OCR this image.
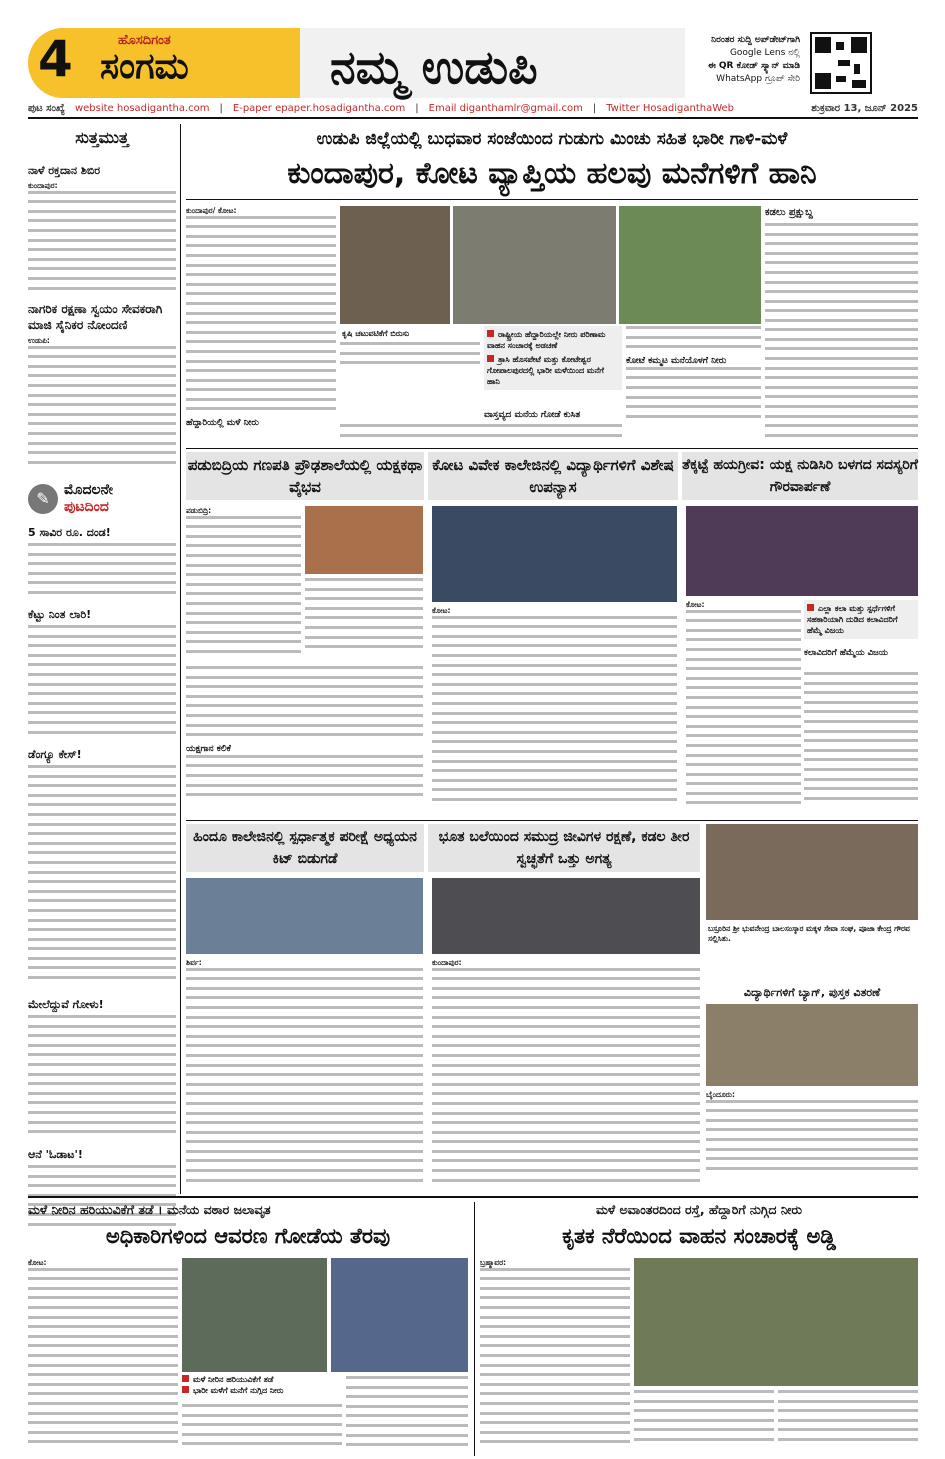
4	ಹೊಸದಿಗಂತ
ಸಂಗಮ	ನಮ್ಮ ಉಡುಪಿ	ನಿರಂತರ ಸುದ್ದಿ ಅಪ್‌ಡೇಟ್‌ಗಾಗಿ
Google Lens ನಲ್ಲಿ
ಈ QR ಕೋಡ್ ಸ್ಕ್ಯಾನ್ ಮಾಡಿ
WhatsApp ಗ್ರೂಪ್ ಸೇರಿ
ಪುಟ ಸಂಖ್ಯೆ website hosadigantha.com | E-paper epaper.hosadigantha.com | Email diganthamlr@gmail.com | Twitter HosadiganthaWeb	ಶುಕ್ರವಾರ 13, ಜೂನ್ 2025
ಸುತ್ತಮುತ್ತ
ನಾಳೆ ರಕ್ತದಾನ ಶಿಬಿರ
ಕುಂದಾಪುರ:
ನಾಗರಿಕ ರಕ್ಷಣಾ ಸ್ವಯಂ ಸೇವಕರಾಗಿ ಮಾಜಿ ಸೈನಿಕರ ನೋಂದಣಿ
ಉಡುಪಿ:
✎	ಮೊದಲನೇ
ಪುಟದಿಂದ
5 ಸಾವಿರ ರೂ. ದಂಡ!
ಕೆಟ್ಟು ನಿಂತ ಲಾರಿ!
ಡೆಂಗ್ಯೂ ಕೇಸ್!
ಮೇಲೆದ್ದುವೆ ಗೋಳು!
ಆನೆ 'ಓಡಾಟ'!
ಉಡುಪಿ ಜಿಲ್ಲೆಯಲ್ಲಿ ಬುಧವಾರ ಸಂಜೆಯಿಂದ ಗುಡುಗು ಮಿಂಚು ಸಹಿತ ಭಾರೀ ಗಾಳಿ-ಮಳೆ
ಕುಂದಾಪುರ, ಕೋಟ ವ್ಯಾಪ್ತಿಯ ಹಲವು ಮನೆಗಳಿಗೆ ಹಾನಿ
ಕುಂದಾಪುರ/ ಕೋಟ:
ಹೆದ್ದಾರಿಯಲ್ಲಿ ಮಳೆ ನೀರು
ಕೃಷಿ ಚಟುವಟಿಕೆಗೆ ಬಿರುಸು	ರಾಷ್ಟ್ರೀಯ ಹೆದ್ದಾರಿಯಲ್ಲೇ ನೀರು ಪರಿಣಾಮ ವಾಹನ ಸಂಚಾರಕ್ಕೆ ಅಡಚಣೆ
ತ್ರಾಸಿ ಹೊಸಪೇಟೆ ಮತ್ತು ಕೋಟೇಶ್ವರ ಗೋಪಾಲಪುರದಲ್ಲಿ ಭಾರೀ ಮಳೆಯಿಂದ ಮನೆಗೆ ಹಾನಿ
ವಾಸ್ತವ್ಯದ ಮನೆಯ ಗೋಡೆ ಕುಸಿತ
ಕೋಟೆ ಕಮ್ಮಟ ಮನೆಯೊಳಗೆ ನೀರು
ಕಡಲು ಪ್ರಕ್ಷುಬ್ದ
ಪಡುಬಿದ್ರಿಯ ಗಣಪತಿ ಪ್ರೌಢಶಾಲೆಯಲ್ಲಿ ಯಕ್ಷಕಥಾ ವೈಭವ
ಕೋಟ ವಿವೇಕ ಕಾಲೇಜಿನಲ್ಲಿ ವಿದ್ಯಾರ್ಥಿಗಳಿಗೆ ವಿಶೇಷ ಉಪನ್ಯಾಸ
ತೆಕ್ಕಟ್ಟೆ ಹಯಗ್ರೀವ: ಯಕ್ಷ ನುಡಿಸಿರಿ ಬಳಗದ ಸದಸ್ಯರಿಗೆ ಗೌರವಾರ್ಪಣೆ
ಪಡುಬಿದ್ರಿ:
ಯಕ್ಷಗಾನ ಕಲಿಕೆ
ಕೋಟ:
ಕೋಟ:	ಎಲ್ಲಾ ಕಲಾ ಮತ್ತು ಸ್ಪರ್ಧೆಗಳಿಗೆ ಸಹಕಾರಿಯಾಗಿ ದುಡಿದ ಕಲಾವಿದರಿಗೆ ಹೆಮ್ಮೆ ವಿಜಯ
ಕಲಾವಿದರಿಗೆ ಹೆಮ್ಮೆಯ ವಿಜಯ
ಹಿಂದೂ ಕಾಲೇಜಿನಲ್ಲಿ ಸ್ಪರ್ಧಾತ್ಮಕ ಪರೀಕ್ಷೆ ಅಧ್ಯಯನ ಕಿಟ್ ಬಿಡುಗಡೆ
ಭೂತ ಬಲೆಯಿಂದ ಸಮುದ್ರ ಜೀವಿಗಳ ರಕ್ಷಣೆ, ಕಡಲ ತೀರ ಸ್ವಚ್ಛತೆಗೆ ಒತ್ತು ಅಗತ್ಯ
ಶಿರ್ವ:	ಕುಂದಾಪುರ:
ಬಸ್ರೂರಿನ ಶ್ರೀ ಭುವನೇಂದ್ರ ಬಾಲಸಂಸ್ಕಾರ ಮಕ್ಕಳ ಸೇವಾ ಸಂಘ, ಪೂಜಾ ಕೇಂದ್ರ ಗೌರವ ಸಲ್ಲಿಸಿತು.
ವಿದ್ಯಾರ್ಥಿಗಳಿಗೆ ಬ್ಯಾಗ್, ಪುಸ್ತಕ ವಿತರಣೆ
ಬೈಂದೂರು:
ಮಳೆ ನೀರಿನ ಹರಿಯುವಿಕೆಗೆ ತಡೆ । ಮನೆಯ ವಠಾರ ಜಲಾವೃತ
ಅಧಿಕಾರಿಗಳಿಂದ ಆವರಣ ಗೋಡೆಯ ತೆರವು
ಕೋಟ:
ಮಳೆ ನೀರಿನ ಹರಿಯುವಿಕೆಗೆ ತಡೆ
ಭಾರೀ ಮಳೆಗೆ ಮನೆಗೆ ನುಗ್ಗಿದ ನೀರು
ಮಳೆ ಅವಾಂತರದಿಂದ ರಸ್ತೆ, ಹೆದ್ದಾರಿಗೆ ನುಗ್ಗಿದ ನೀರು
ಕೃತಕ ನೆರೆಯಿಂದ ವಾಹನ ಸಂಚಾರಕ್ಕೆ ಅಡ್ಡಿ
ಬ್ರಹ್ಮಾವರ:
